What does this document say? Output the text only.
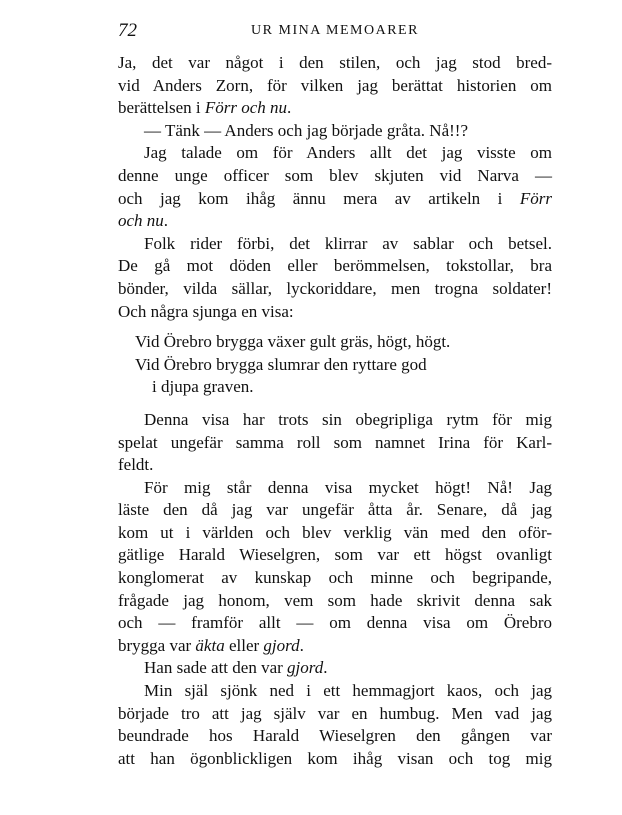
72	UR MINA MEMOARER
Ja, det var något i den stilen, och jag stod bred-
vid Anders Zorn, för vilken jag berättat historien om
berättelsen i Förr och nu.
— Tänk — Anders och jag började gråta. Nå!!?
Jag talade om för Anders allt det jag visste om
denne unge officer som blev skjuten vid Narva —
och jag kom ihåg ännu mera av artikeln i Förr
och nu.
Folk rider förbi, det klirrar av sablar och betsel.
De gå mot döden eller berömmelsen, tokstollar, bra
bönder, vilda sällar, lyckoriddare, men trogna soldater!
Och några sjunga en visa:
Vid Örebro brygga växer gult gräs, högt, högt.
Vid Örebro brygga slumrar den ryttare god
i djupa graven.
Denna visa har trots sin obegripliga rytm för mig
spelat ungefär samma roll som namnet Irina för Karl-
feldt.
För mig står denna visa mycket högt! Nå! Jag
läste den då jag var ungefär åtta år. Senare, då jag
kom ut i världen och blev verklig vän med den oför-
gätlige Harald Wieselgren, som var ett högst ovanligt
konglomerat av kunskap och minne och begripande,
frågade jag honom, vem som hade skrivit denna sak
och — framför allt — om denna visa om Örebro
brygga var äkta eller gjord.
Han sade att den var gjord.
Min själ sjönk ned i ett hemmagjort kaos, och jag
började tro att jag själv var en humbug. Men vad jag
beundrade hos Harald Wieselgren den gången var
att han ögonblickligen kom ihåg visan och tog mig
